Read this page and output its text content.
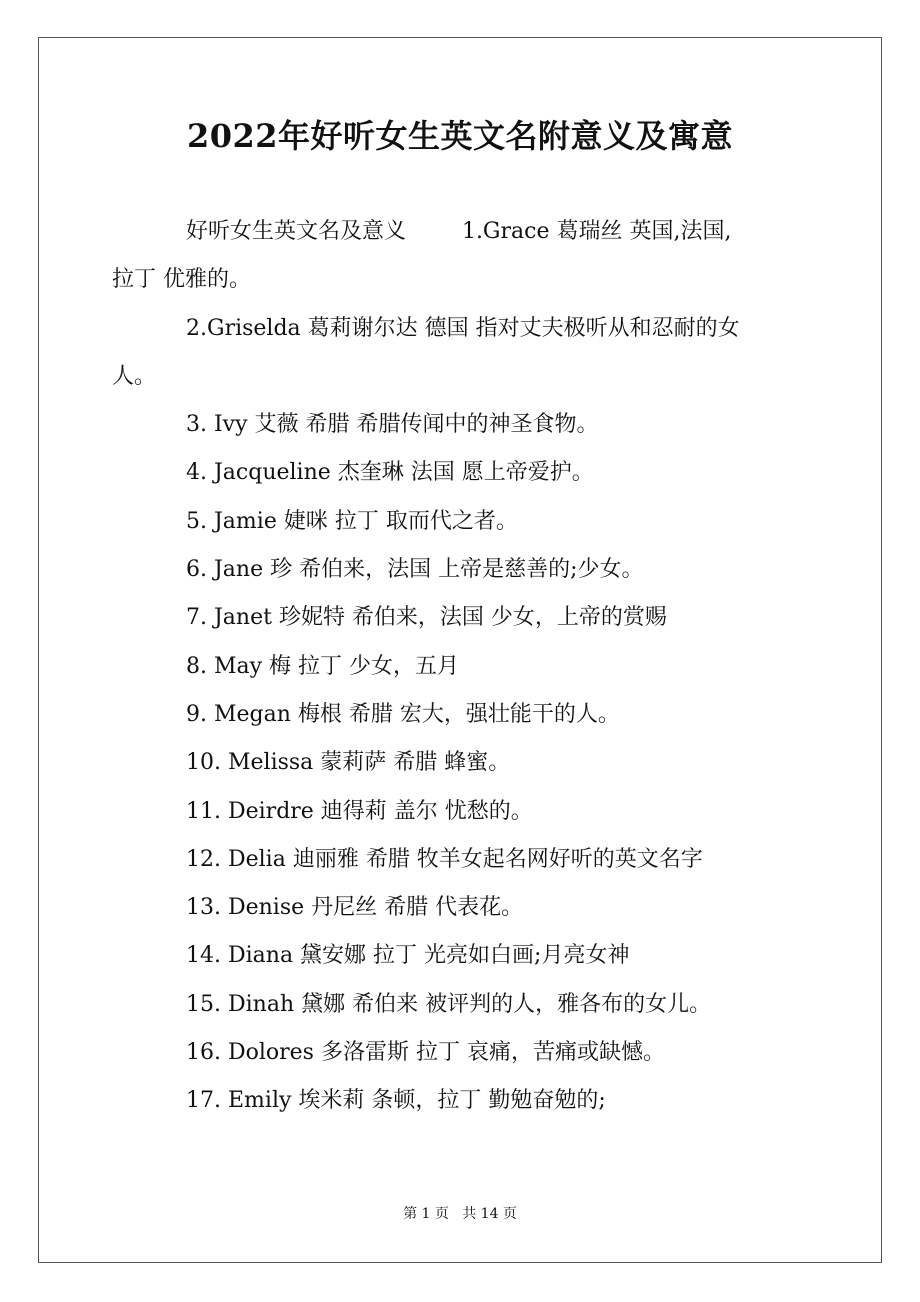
2022年好听女生英文名附意义及寓意

好听女生英文名及意义        1.Grace 葛瑞丝 英国,法国,

拉丁 优雅的。

2.Griselda 葛莉谢尔达 德国 指对丈夫极听从和忍耐的女

人。

3. Ivy 艾薇 希腊 希腊传闻中的神圣食物。

4. Jacqueline 杰奎琳 法国 愿上帝爱护。

5. Jamie 婕咪 拉丁 取而代之者。

6. Jane 珍 希伯来，法国 上帝是慈善的;少女。

7. Janet 珍妮特 希伯来，法国 少女，上帝的赏赐

8. May 梅 拉丁 少女，五月

9. Megan 梅根 希腊 宏大，强壮能干的人。

10. Melissa 蒙莉萨 希腊 蜂蜜。

11. Deirdre 迪得莉 盖尔 忧愁的。

12. Delia 迪丽雅 希腊 牧羊女起名网好听的英文名字

13. Denise 丹尼丝 希腊 代表花。

14. Diana 黛安娜 拉丁 光亮如白画;月亮女神

15. Dinah 黛娜 希伯来 被评判的人，雅各布的女儿。

16. Dolores 多洛雷斯 拉丁 哀痛，苦痛或缺憾。

17. Emily 埃米莉 条顿，拉丁 勤勉奋勉的;

第 1 页   共 14 页
